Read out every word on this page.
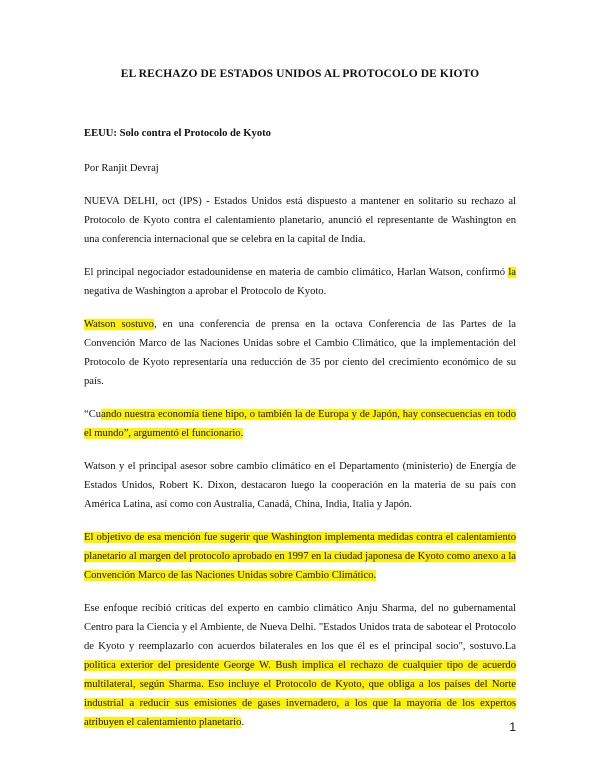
EL RECHAZO DE ESTADOS UNIDOS AL PROTOCOLO DE KIOTO
EEUU: Solo contra el Protocolo de Kyoto
Por Ranjit Devraj

NUEVA DELHI, oct (IPS) - Estados Unidos está dispuesto a mantener en solitario su rechazo al Protocolo de Kyoto contra el calentamiento planetario, anunció el representante de Washington en una conferencia internacional que se celebra en la capital de India.

El principal negociador estadounidense en materia de cambio climático, Harlan Watson, confirmó la negativa de Washington a aprobar el Protocolo de Kyoto.

Watson sostuvo, en una conferencia de prensa en la octava Conferencia de las Partes de la Convención Marco de las Naciones Unidas sobre el Cambio Climático, que la implementación del Protocolo de Kyoto representaría una reducción de 35 por ciento del crecimiento económico de su país.

“Cuando nuestra economía tiene hipo, o también la de Europa y de Japón, hay consecuencias en todo el mundo”, argumentó el funcionario.

Watson y el principal asesor sobre cambio climático en el Departamento (ministerio) de Energía de Estados Unidos, Robert K. Dixon, destacaron luego la cooperación en la materia de su país con América Latina, así como con Australia, Canadá, China, India, Italia y Japón.

El objetivo de esa mención fue sugerir que Washington implementa medidas contra el calentamiento planetario al margen del protocolo aprobado en 1997 en la ciudad japonesa de Kyoto como anexo a la Convención Marco de las Naciones Unidas sobre Cambio Climático.

Ese enfoque recibió críticas del experto en cambio climático Anju Sharma, del no gubernamental Centro para la Ciencia y el Ambiente, de Nueva Delhi. "Estados Unidos trata de sabotear el Protocolo de Kyoto y reemplazarlo con acuerdos bilaterales en los que él es el principal socio", sostuvo.La política exterior del presidente George W. Bush implica el rechazo de cualquier tipo de acuerdo multilateral, según Sharma. Eso incluye el Protocolo de Kyoto, que obliga a los países del Norte industrial a reducir sus emisiones de gases invernadero, a los que la mayoría de los expertos atribuyen el calentamiento planetario.	1
